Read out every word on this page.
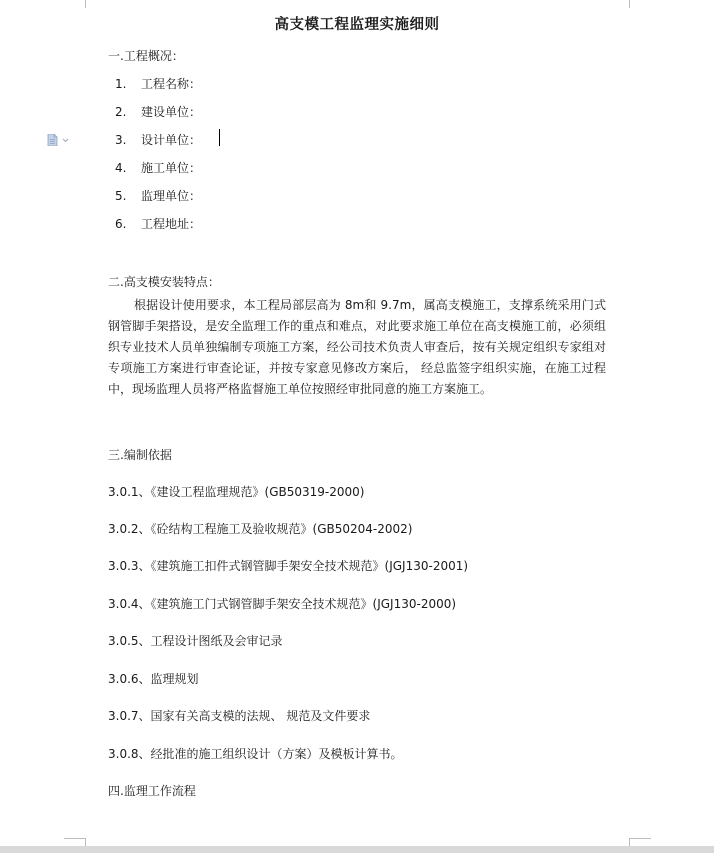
高支模工程监理实施细则
一.工程概况：
1. 工程名称：
2. 建设单位：
3. 设计单位：
4. 施工单位：
5. 监理单位：
6. 工程地址：
二.高支模安装特点：
根据设计使用要求，本工程局部层高为 8m和 9.7m，属高支模施工，支撑系统采用门式钢管脚手架搭设，是安全监理工作的重点和难点，对此要求施工单位在高支模施工前，必须组织专业技术人员单独编制专项施工方案，经公司技术负责人审查后，按有关规定组织专家组对专项施工方案进行审查论证，并按专家意见修改方案后， 经总监签字组织实施，在施工过程中，现场监理人员将严格监督施工单位按照经审批同意的施工方案施工。
三.编制依据
3.0.1、《建设工程监理规范》(GB50319-2000)
3.0.2、《砼结构工程施工及验收规范》(GB50204-2002)
3.0.3、《建筑施工扣件式钢管脚手架安全技术规范》(JGJ130-2001)
3.0.4、《建筑施工门式钢管脚手架安全技术规范》(JGJ130-2000)
3.0.5、工程设计图纸及会审记录
3.0.6、监理规划
3.0.7、国家有关高支模的法规、 规范及文件要求
3.0.8、经批准的施工组织设计（方案）及模板计算书。
四.监理工作流程
